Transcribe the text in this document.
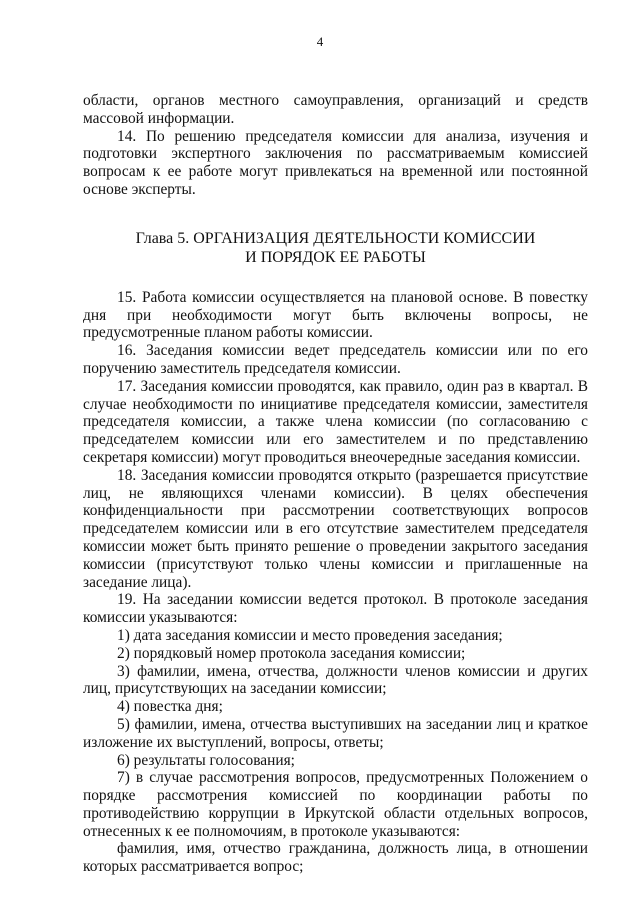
4

области, органов местного самоуправления, организаций и средств массовой информации.

14. По решению председателя комиссии для анализа, изучения и подготовки экспертного заключения по рассматриваемым комиссией вопросам к ее работе могут привлекаться на временной или постоянной основе эксперты.

Глава 5. ОРГАНИЗАЦИЯ ДЕЯТЕЛЬНОСТИ КОМИССИИ
И ПОРЯДОК ЕЕ РАБОТЫ

15. Работа комиссии осуществляется на плановой основе. В повестку дня при необходимости могут быть включены вопросы, не предусмотренные планом работы комиссии.

16. Заседания комиссии ведет председатель комиссии или по его поручению заместитель председателя комиссии.

17. Заседания комиссии проводятся, как правило, один раз в квартал. В случае необходимости по инициативе председателя комиссии, заместителя председателя комиссии, а также члена комиссии (по согласованию с председателем комиссии или его заместителем и по представлению секретаря комиссии) могут проводиться внеочередные заседания комиссии.

18. Заседания комиссии проводятся открыто (разрешается присутствие лиц, не являющихся членами комиссии). В целях обеспечения конфиденциальности при рассмотрении соответствующих вопросов председателем комиссии или в его отсутствие заместителем председателя комиссии может быть принято решение о проведении закрытого заседания комиссии (присутствуют только члены комиссии и приглашенные на заседание лица).

19. На заседании комиссии ведется протокол. В протоколе заседания комиссии указываются:

1) дата заседания комиссии и место проведения заседания;

2) порядковый номер протокола заседания комиссии;

3) фамилии, имена, отчества, должности членов комиссии и других лиц, присутствующих на заседании комиссии;

4) повестка дня;

5) фамилии, имена, отчества выступивших на заседании лиц и краткое изложение их выступлений, вопросы, ответы;

6) результаты голосования;

7) в случае рассмотрения вопросов, предусмотренных Положением о порядке рассмотрения комиссией по координации работы по противодействию коррупции в Иркутской области отдельных вопросов, отнесенных к ее полномочиям, в протоколе указываются:

фамилия, имя, отчество гражданина, должность лица, в отношении которых рассматривается вопрос;
